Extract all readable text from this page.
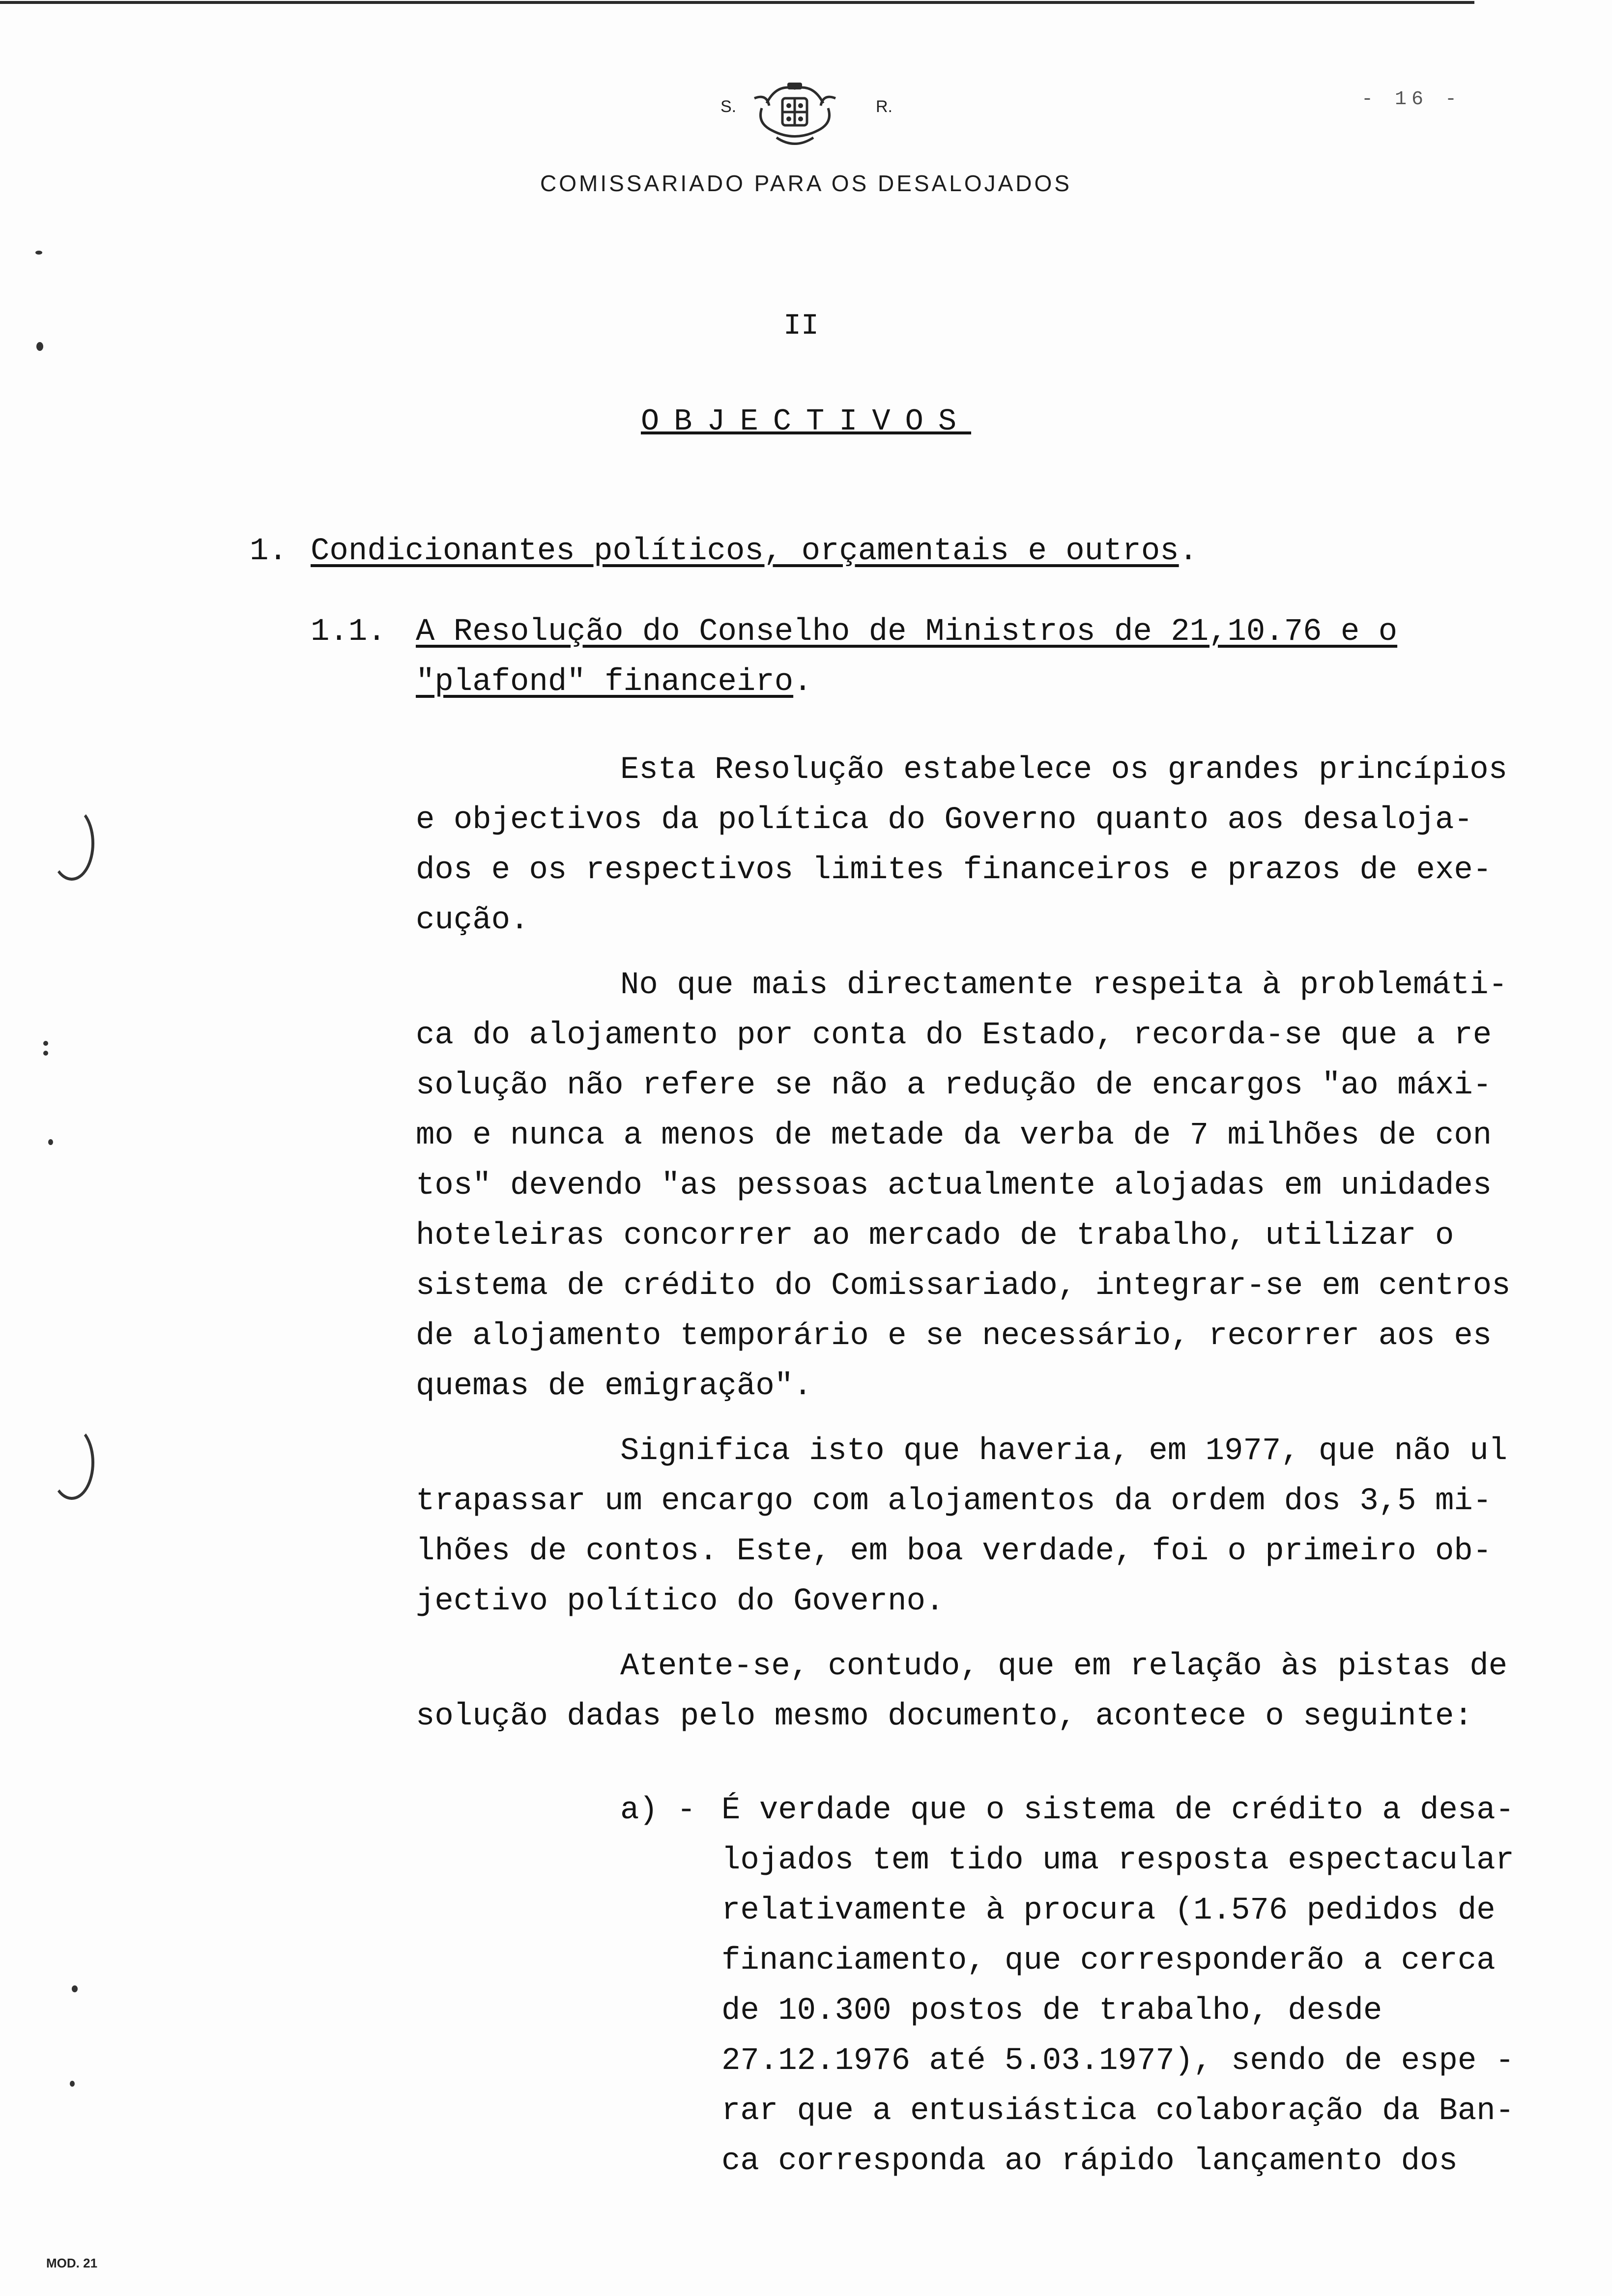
S.	R.	- 16 -
COMISSARIADO PARA OS DESALOJADOS
II
OBJECTIVOS
1. Condicionantes políticos, orçamentais e outros.
1.1. A Resolução do Conselho de Ministros de 21,10.76 e o
"plafond" financeiro.
Esta Resolução estabelece os grandes princípios
e objectivos da política do Governo quanto aos desaloja-
dos e os respectivos limites financeiros e prazos de exe-
cução.
No que mais directamente respeita à problemáti-
ca do alojamento por conta do Estado, recorda-se que a re
solução não refere se não a redução de encargos "ao máxi-
mo e nunca a menos de metade da verba de 7 milhões de con
tos" devendo "as pessoas actualmente alojadas em unidades
hoteleiras concorrer ao mercado de trabalho, utilizar o
sistema de crédito do Comissariado, integrar-se em centros
de alojamento temporário e se necessário, recorrer aos es
quemas de emigração".
Significa isto que haveria, em 1977, que não ul
trapassar um encargo com alojamentos da ordem dos 3,5 mi-
lhões de contos. Este, em boa verdade, foi o primeiro ob-
jectivo político do Governo.
Atente-se, contudo, que em relação às pistas de
solução dadas pelo mesmo documento, acontece o seguinte:
a) - É verdade que o sistema de crédito a desa-
lojados tem tido uma resposta espectacular
relativamente à procura (1.576 pedidos de
financiamento, que corresponderão a cerca
de 10.300 postos de trabalho, desde
27.12.1976 até 5.03.1977), sendo de espe -
rar que a entusiástica colaboração da Ban-
ca corresponda ao rápido lançamento dos
MOD. 21
